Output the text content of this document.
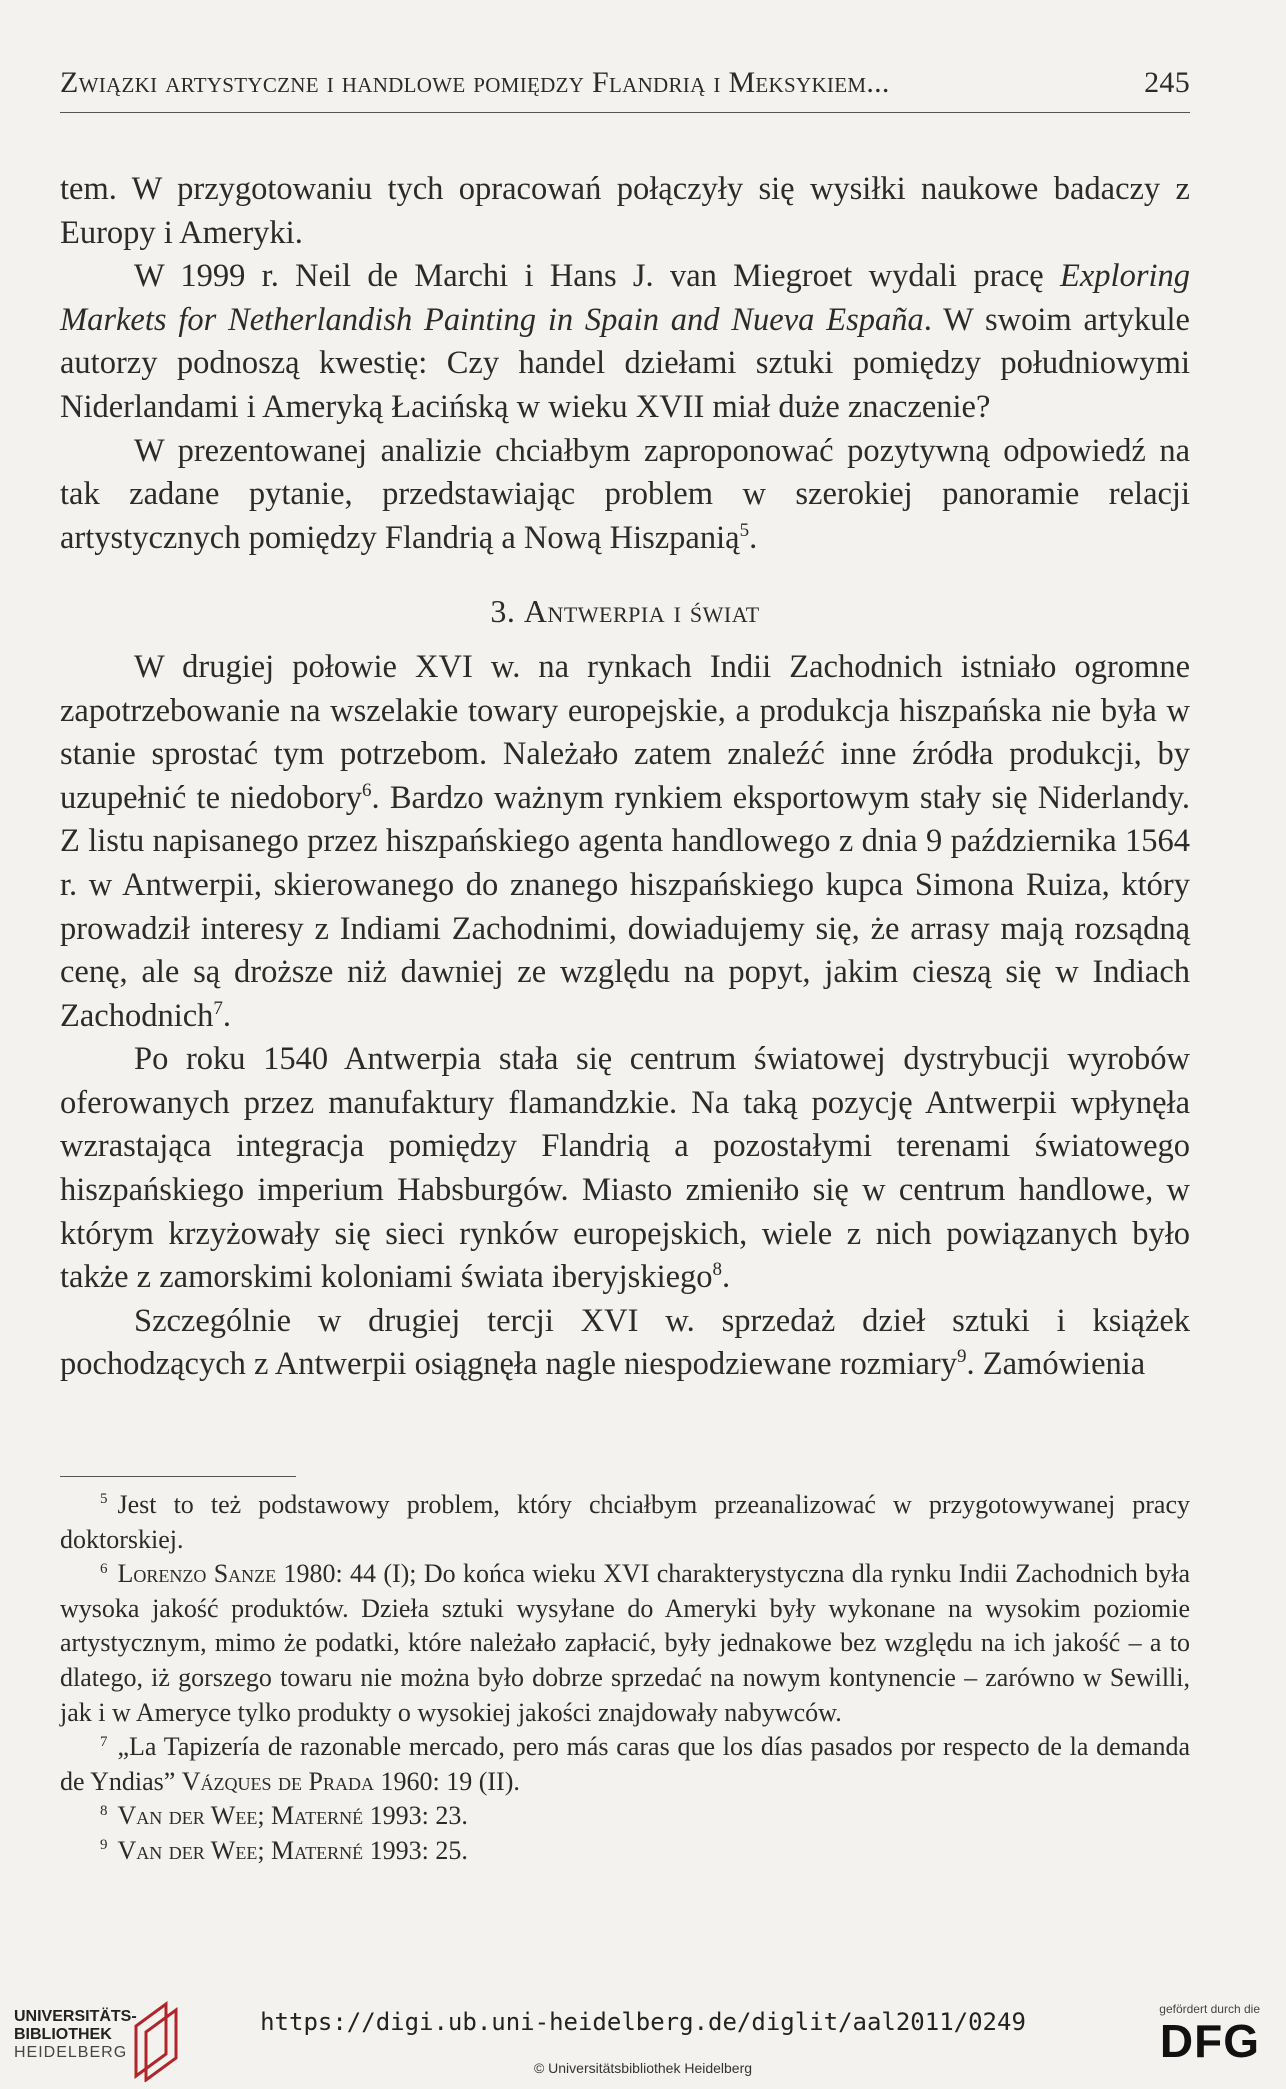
Związki artystyczne i handlowe pomiędzy Flandrią i Meksykiem...	245

tem. W przygotowaniu tych opracowań połączyły się wysiłki naukowe badaczy z Europy i Ameryki.

W 1999 r. Neil de Marchi i Hans J. van Miegroet wydali pracę Exploring Markets for Netherlandish Painting in Spain and Nueva España. W swoim artykule autorzy podnoszą kwestię: Czy handel dziełami sztuki pomiędzy południowymi Niderlandami i Ameryką Łacińską w wieku XVII miał duże znaczenie?

W prezentowanej analizie chciałbym zaproponować pozytywną odpowiedź na tak zadane pytanie, przedstawiając problem w szerokiej panoramie relacji artystycznych pomiędzy Flandrią a Nową Hiszpanią$^5$.

3. Antwerpia i świat

W drugiej połowie XVI w. na rynkach Indii Zachodnich istniało ogromne zapotrzebowanie na wszelakie towary europejskie, a produkcja hiszpańska nie była w stanie sprostać tym potrzebom. Należało zatem znaleźć inne źródła produkcji, by uzupełnić te niedobory$^6$. Bardzo ważnym rynkiem eksportowym stały się Niderlandy. Z listu napisanego przez hiszpańskiego agenta handlowego z dnia 9 października 1564 r. w Antwerpii, skierowanego do znanego hiszpańskiego kupca Simona Ruiza, który prowadził interesy z Indiami Zachodnimi, dowiadujemy się, że arrasy mają rozsądną cenę, ale są droższe niż dawniej ze względu na popyt, jakim cieszą się w Indiach Zachodnich$^7$.

Po roku 1540 Antwerpia stała się centrum światowej dystrybucji wyrobów oferowanych przez manufaktury flamandzkie. Na taką pozycję Antwerpii wpłynęła wzrastająca integracja pomiędzy Flandrią a pozostałymi terenami światowego hiszpańskiego imperium Habsburgów. Miasto zmieniło się w centrum handlowe, w którym krzyżowały się sieci rynków europejskich, wiele z nich powiązanych było także z zamorskimi koloniami świata iberyjskiego$^8$.

Szczególnie w drugiej tercji XVI w. sprzedaż dzieł sztuki i książek pochodzących z Antwerpii osiągnęła nagle niespodziewane rozmiary$^9$. Zamówienia

$^5$ Jest to też podstawowy problem, który chciałbym przeanalizować w przygotowywanej pracy doktorskiej.

$^6$ Lorenzo Sanze 1980: 44 (I); Do końca wieku XVI charakterystyczna dla rynku Indii Zachodnich była wysoka jakość produktów. Dzieła sztuki wysyłane do Ameryki były wykonane na wysokim poziomie artystycznym, mimo że podatki, które należało zapłacić, były jednakowe bez względu na ich jakość – a to dlatego, iż gorszego towaru nie można było dobrze sprzedać na nowym kontynencie – zarówno w Sewilli, jak i w Ameryce tylko produkty o wysokiej jakości znajdowały nabywców.

$^7$ „La Tapizería de razonable mercado, pero más caras que los días pasados por respecto de la demanda de Yndias” Vázques de Prada 1960: 19 (II).

$^8$ Van der Wee; Materné 1993: 23.

$^9$ Van der Wee; Materné 1993: 25.

UNIVERSITÄTS-
BIBLIOTHEK
HEIDELBERG
https://digi.ub.uni-heidelberg.de/diglit/aal2011/0249
© Universitätsbibliothek Heidelberg
gefördert durch die
DFG
